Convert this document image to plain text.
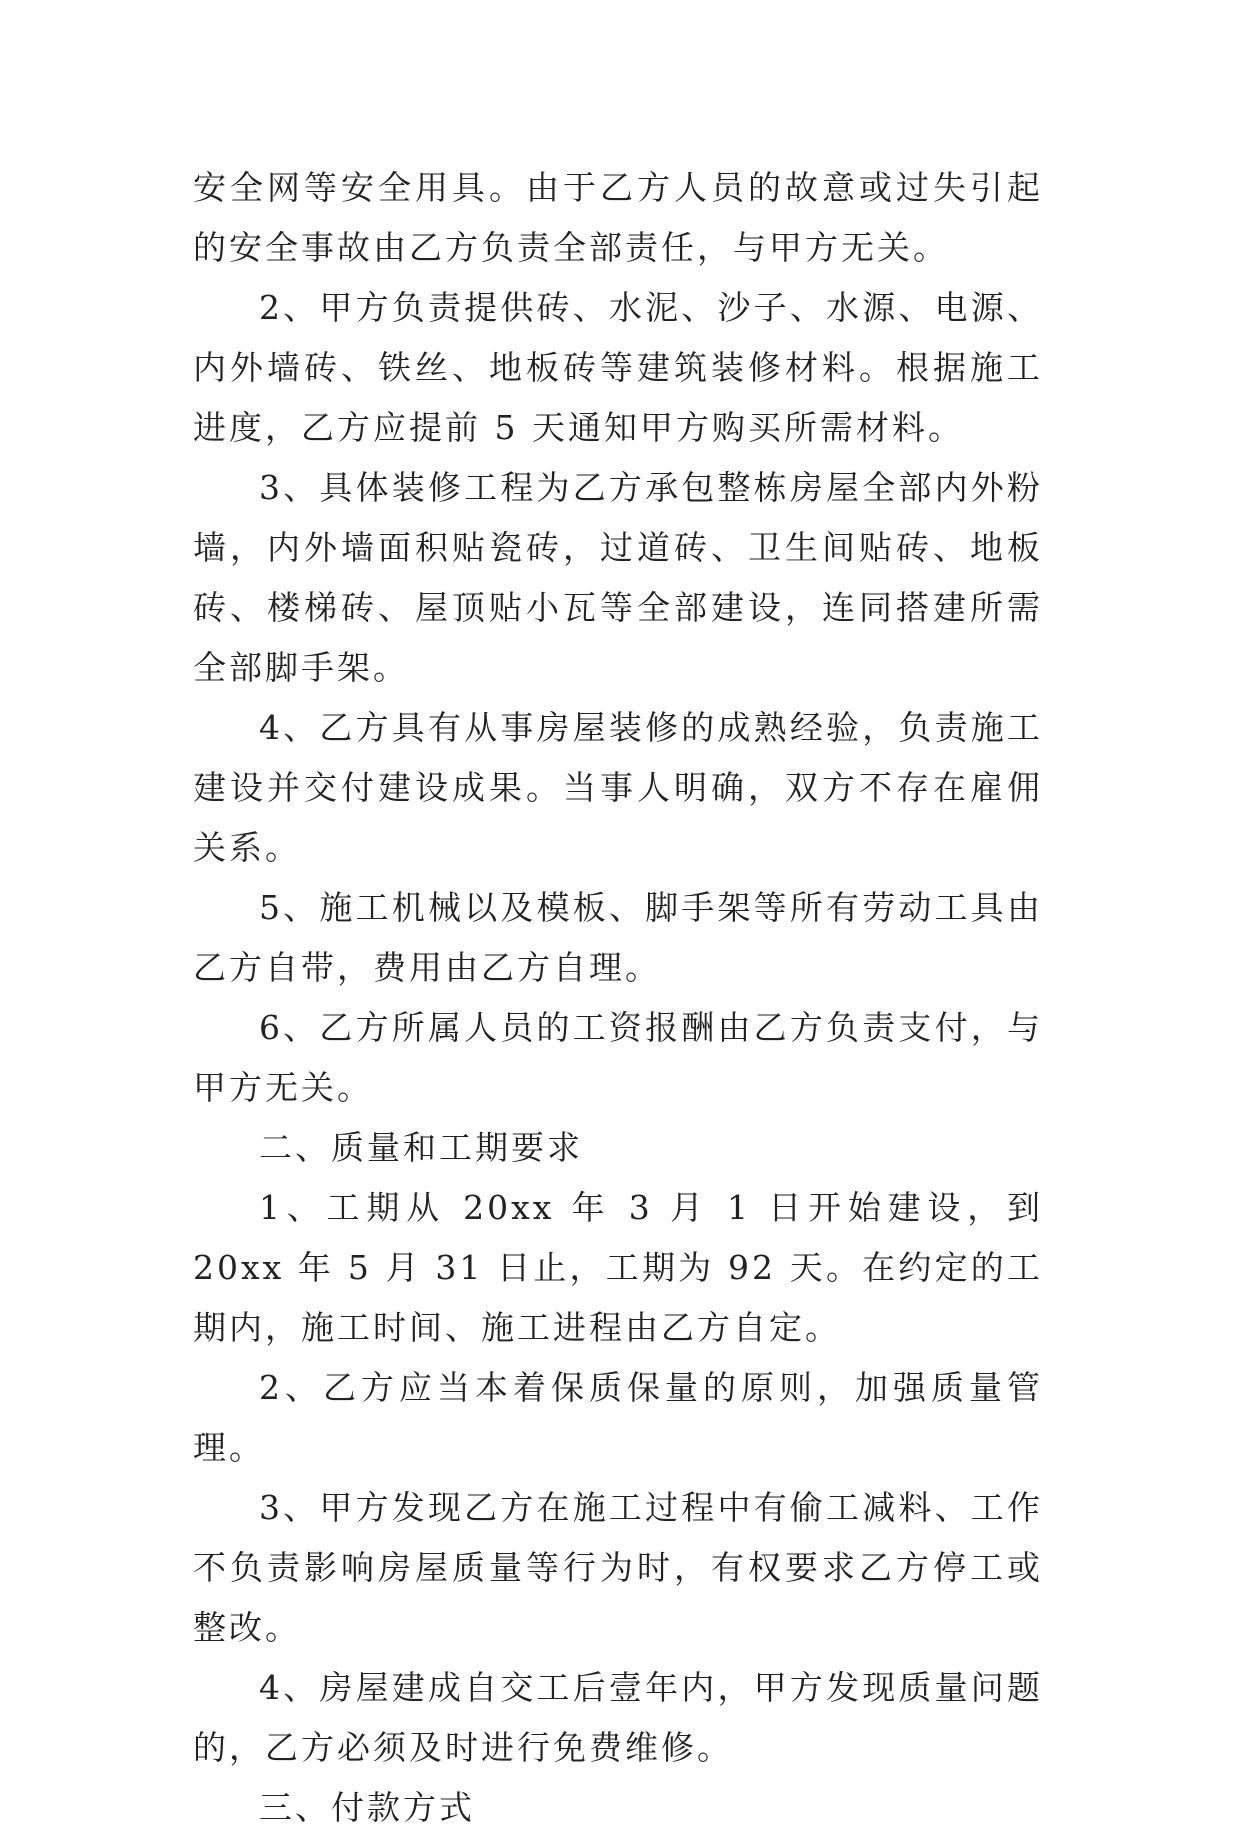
安全网等安全用具。由于乙方人员的故意或过失引起的安全事故由乙方负责全部责任，与甲方无关。

2、甲方负责提供砖、水泥、沙子、水源、电源、内外墙砖、铁丝、地板砖等建筑装修材料。根据施工进度，乙方应提前 5 天通知甲方购买所需材料。

3、具体装修工程为乙方承包整栋房屋全部内外粉墙，内外墙面积贴瓷砖，过道砖、卫生间贴砖、地板砖、楼梯砖、屋顶贴小瓦等全部建设，连同搭建所需全部脚手架。

4、乙方具有从事房屋装修的成熟经验，负责施工建设并交付建设成果。当事人明确，双方不存在雇佣关系。

5、施工机械以及模板、脚手架等所有劳动工具由乙方自带，费用由乙方自理。

6、乙方所属人员的工资报酬由乙方负责支付，与甲方无关。

二、质量和工期要求

1、工期从 20xx 年 3 月 1 日开始建设，到 20xx 年 5 月 31 日止，工期为 92 天。在约定的工期内，施工时间、施工进程由乙方自定。

2、乙方应当本着保质保量的原则，加强质量管理。

3、甲方发现乙方在施工过程中有偷工减料、工作不负责影响房屋质量等行为时，有权要求乙方停工或整改。

4、房屋建成自交工后壹年内，甲方发现质量问题的，乙方必须及时进行免费维修。

三、付款方式
